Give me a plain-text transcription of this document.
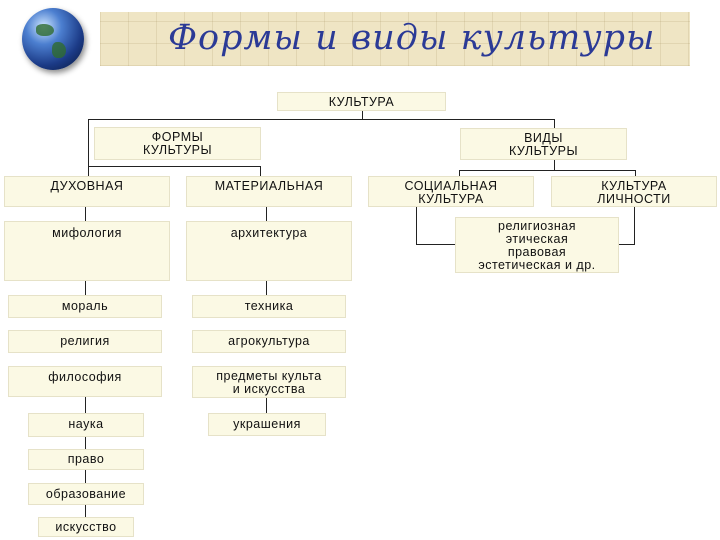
Формы и виды культуры
КУЛЬТУРА
ФОРМЫ
КУЛЬТУРЫ
ВИДЫ
КУЛЬТУРЫ
ДУХОВНАЯ	МАТЕРИАЛЬНАЯ	СОЦИАЛЬНАЯ
КУЛЬТУРА
КУЛЬТУРА
ЛИЧНОСТИ
религиозная
этическая
правовая
эстетическая и др.
мифология
мораль
религия
философия
наука
право
образование
искусство
архитектура
техника
агрокультура
предметы культа
и искусства
украшения
